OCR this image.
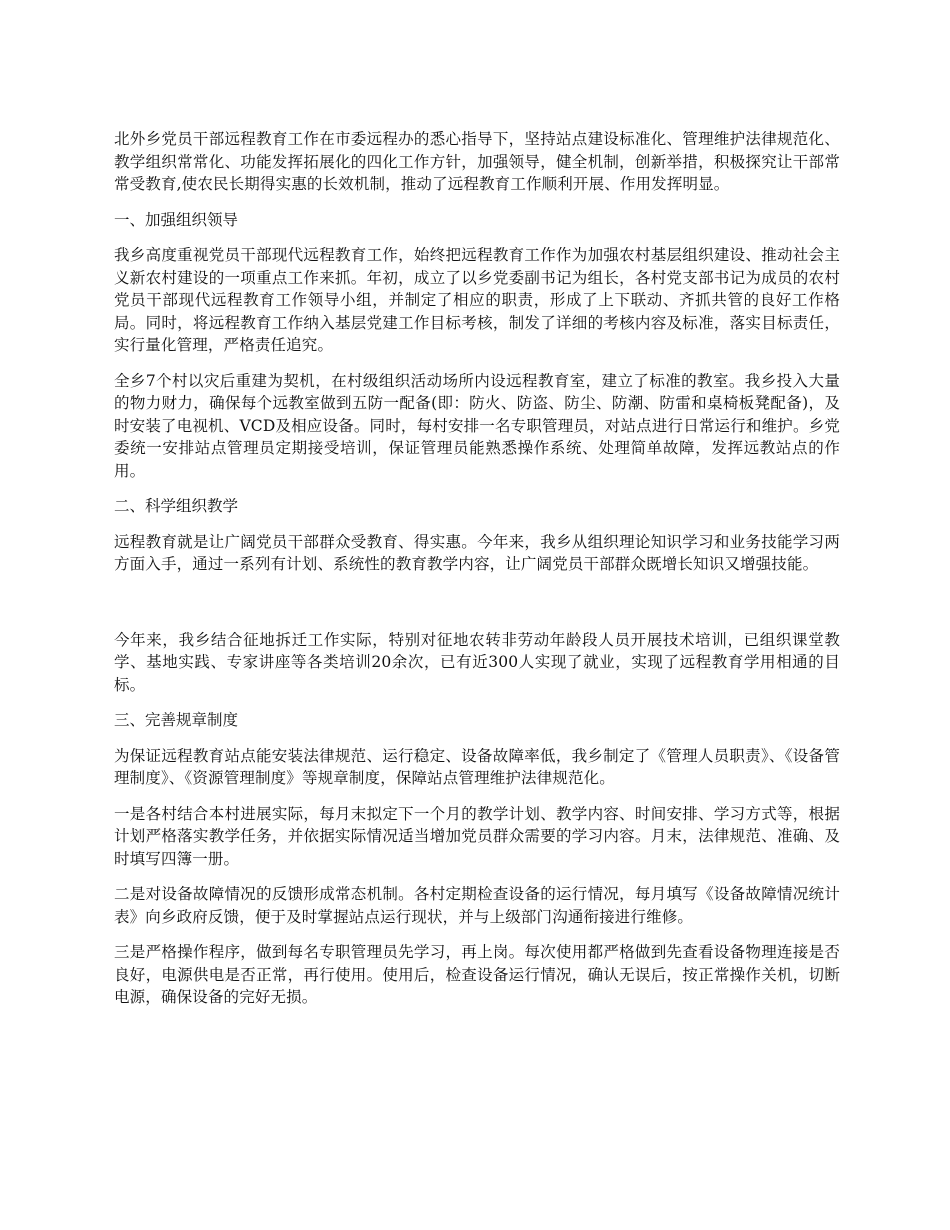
北外乡党员干部远程教育工作在市委远程办的悉心指导下，坚持站点建设标准化、管理维护法律规范化、教学组织常常化、功能发挥拓展化的四化工作方针，加强领导，健全机制，创新举措，积极探究让干部常常受教育,使农民长期得实惠的长效机制，推动了远程教育工作顺利开展、作用发挥明显。

一、加强组织领导

我乡高度重视党员干部现代远程教育工作，始终把远程教育工作作为加强农村基层组织建设、推动社会主义新农村建设的一项重点工作来抓。年初，成立了以乡党委副书记为组长，各村党支部书记为成员的农村党员干部现代远程教育工作领导小组，并制定了相应的职责，形成了上下联动、齐抓共管的良好工作格局。同时，将远程教育工作纳入基层党建工作目标考核，制发了详细的考核内容及标准，落实目标责任，实行量化管理，严格责任追究。

全乡7个村以灾后重建为契机，在村级组织活动场所内设远程教育室，建立了标准的教室。我乡投入大量的物力财力，确保每个远教室做到五防一配备(即：防火、防盗、防尘、防潮、防雷和桌椅板凳配备)，及时安装了电视机、VCD及相应设备。同时，每村安排一名专职管理员，对站点进行日常运行和维护。乡党委统一安排站点管理员定期接受培训，保证管理员能熟悉操作系统、处理简单故障，发挥远教站点的作用。

二、科学组织教学

远程教育就是让广阔党员干部群众受教育、得实惠。今年来，我乡从组织理论知识学习和业务技能学习两方面入手，通过一系列有计划、系统性的教育教学内容，让广阔党员干部群众既增长知识又增强技能。

今年来，我乡结合征地拆迁工作实际，特别对征地农转非劳动年龄段人员开展技术培训，已组织课堂教学、基地实践、专家讲座等各类培训20余次，已有近300人实现了就业，实现了远程教育学用相通的目标。

三、完善规章制度

为保证远程教育站点能安装法律规范、运行稳定、设备故障率低，我乡制定了《管理人员职责》、《设备管理制度》、《资源管理制度》等规章制度，保障站点管理维护法律规范化。

一是各村结合本村进展实际，每月末拟定下一个月的教学计划、教学内容、时间安排、学习方式等，根据计划严格落实教学任务，并依据实际情况适当增加党员群众需要的学习内容。月末，法律规范、准确、及时填写四簿一册。

二是对设备故障情况的反馈形成常态机制。各村定期检查设备的运行情况，每月填写《设备故障情况统计表》向乡政府反馈，便于及时掌握站点运行现状，并与上级部门沟通衔接进行维修。

三是严格操作程序，做到每名专职管理员先学习，再上岗。每次使用都严格做到先查看设备物理连接是否良好，电源供电是否正常，再行使用。使用后，检查设备运行情况，确认无误后，按正常操作关机，切断电源，确保设备的完好无损。
